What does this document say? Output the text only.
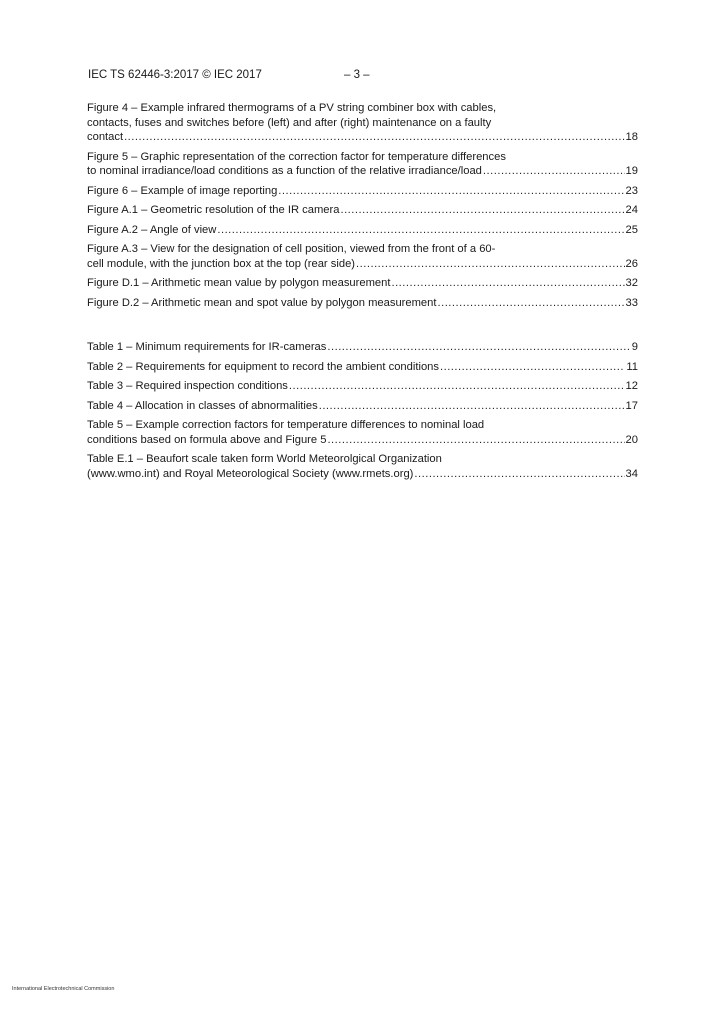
IEC TS 62446-3:2017 © IEC 2017	– 3 –
Figure 4 – Example infrared thermograms of a PV string combiner box with cables,
contacts, fuses and switches before (left) and after (right) maintenance on a faulty
contact .....	18
Figure 5 – Graphic representation of the correction factor for temperature differences
to nominal irradiance/load conditions as a function of the relative irradiance/load .....	19
Figure 6 – Example of image reporting .....	23
Figure A.1 – Geometric resolution of the IR camera .....	24
Figure A.2 – Angle of view .....	25
Figure A.3 – View for the designation of cell position, viewed from the front of a 60-
cell module, with the junction box at the top (rear side) .....	26
Figure D.1 – Arithmetic mean value by polygon measurement .....	32
Figure D.2 – Arithmetic mean and spot value by polygon measurement .....	33
Table 1 – Minimum requirements for IR-cameras .....	9
Table 2 – Requirements for equipment to record the ambient conditions .....	11
Table 3 – Required inspection conditions .....	12
Table 4 – Allocation in classes of abnormalities .....	17
Table 5 – Example correction factors for temperature differences to nominal load
conditions based on formula above and Figure 5 .....	20
Table E.1 – Beaufort scale taken form World Meteorolgical Organization
(www.wmo.int) and Royal Meteorological Society (www.rmets.org) .....	34
International Electrotechnical Commission
